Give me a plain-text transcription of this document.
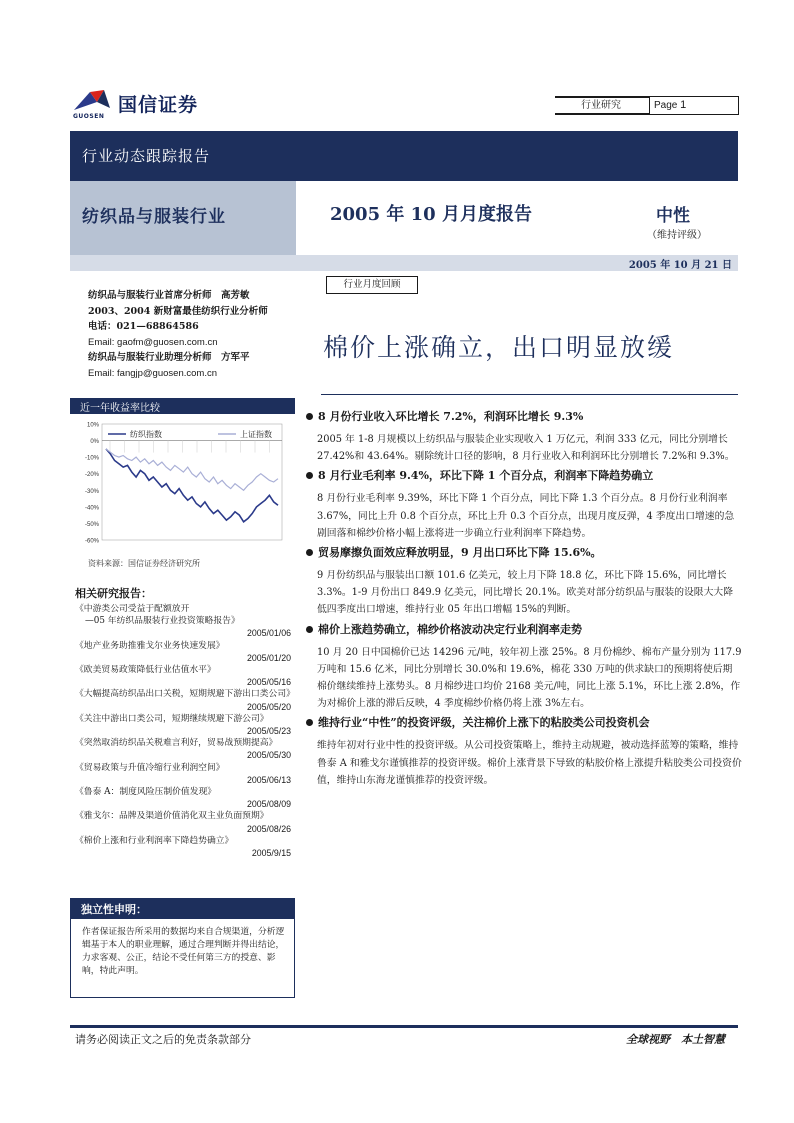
国信证券
GUOSEN
行业研究	Page 1
行业动态跟踪报告
纺织品与服装行业	2005 年 10 月月度报告	中性
（维持评级）
2005 年 10 月 21 日
纺织品与服装行业首席分析师　高芳敏
2003、2004 新财富最佳纺织行业分析师
电话：021—68864586
Email: gaofm@guosen.com.cn
纺织品与服装行业助理分析师　方军平
Email: fangjp@guosen.com.cn
行业月度回顾
棉价上涨确立，出口明显放缓
近一年收益率比较
10%
0%
-10%
-20%
-30%
-40%
-50%
-60%
纺织指数	上证指数
资料来源：国信证券经济研究所
相关研究报告：
《中游类公司受益于配额放开
—05 年纺织品服装行业投资策略报告》
2005/01/06
《地产业务助推雅戈尔业务快速发展》
2005/01/20
《欧美贸易政策降低行业估值水平》
2005/05/16
《大幅提高纺织品出口关税，短期规避下游出口类公司》
2005/05/20
《关注中游出口类公司，短期继续规避下游公司》
2005/05/23
《突然取消纺织品关税难言利好，贸易战预期提高》
2005/05/30
《贸易政策与升值冷缩行业利润空间》
2005/06/13
《鲁泰 A：制度风险压制价值发现》
2005/08/09
《雅戈尔：品牌及渠道价值消化双主业负面预期》
2005/08/26
《棉价上涨和行业利润率下降趋势确立》
2005/9/15
独立性申明：
作者保证报告所采用的数据均来自合规渠道，分析逻辑基于本人的职业理解，通过合理判断并得出结论，力求客观、公正，结论不受任何第三方的授意、影响，特此声明。
8 月份行业收入环比增长 7.2%，利润环比增长 9.3%
2005 年 1-8 月规模以上纺织品与服装企业实现收入 1 万亿元，利润 333 亿元，同比分别增长 27.42%和 43.64%。剔除统计口径的影响，8 月行业收入和利润环比分别增长 7.2%和 9.3%。
8 月行业毛利率 9.4%，环比下降 1 个百分点，利润率下降趋势确立
8 月份行业毛利率 9.39%，环比下降 1 个百分点，同比下降 1.3 个百分点。8 月份行业利润率 3.67%，同比上升 0.8 个百分点，环比上升 0.3 个百分点，出现月度反弹，4 季度出口增速的急剧回落和棉纱价格小幅上涨将进一步确立行业利润率下降趋势。
贸易摩擦负面效应释放明显，9 月出口环比下降 15.6%。
9 月份纺织品与服装出口额 101.6 亿美元，较上月下降 18.8 亿，环比下降 15.6%，同比增长 3.3%。1-9 月份出口 849.9 亿美元，同比增长 20.1%。欧美对部分纺织品与服装的设限大大降低四季度出口增速，维持行业 05 年出口增幅 15%的判断。
棉价上涨趋势确立，棉纱价格波动决定行业利润率走势
10 月 20 日中国棉价已达 14296 元/吨，较年初上涨 25%。8 月份棉纱、棉布产量分别为 117.9 万吨和 15.6 亿米，同比分别增长 30.0%和 19.6%，棉花 330 万吨的供求缺口的预期将使后期棉价继续维持上涨势头。8 月棉纱进口均价 2168 美元/吨，同比上涨 5.1%，环比上涨 2.8%，作为对棉价上涨的滞后反映，4 季度棉纱价格仍将上涨 3%左右。
维持行业“中性”的投资评级，关注棉价上涨下的粘胶类公司投资机会
维持年初对行业中性的投资评级。从公司投资策略上，维持主动规避，被动选择蓝筹的策略，维持鲁泰 A 和雅戈尔谨慎推荐的投资评级。棉价上涨背景下导致的粘胶价格上涨提升粘胶类公司投资价值，维持山东海龙谨慎推荐的投资评级。
请务必阅读正文之后的免责条款部分	全球视野　本土智慧
